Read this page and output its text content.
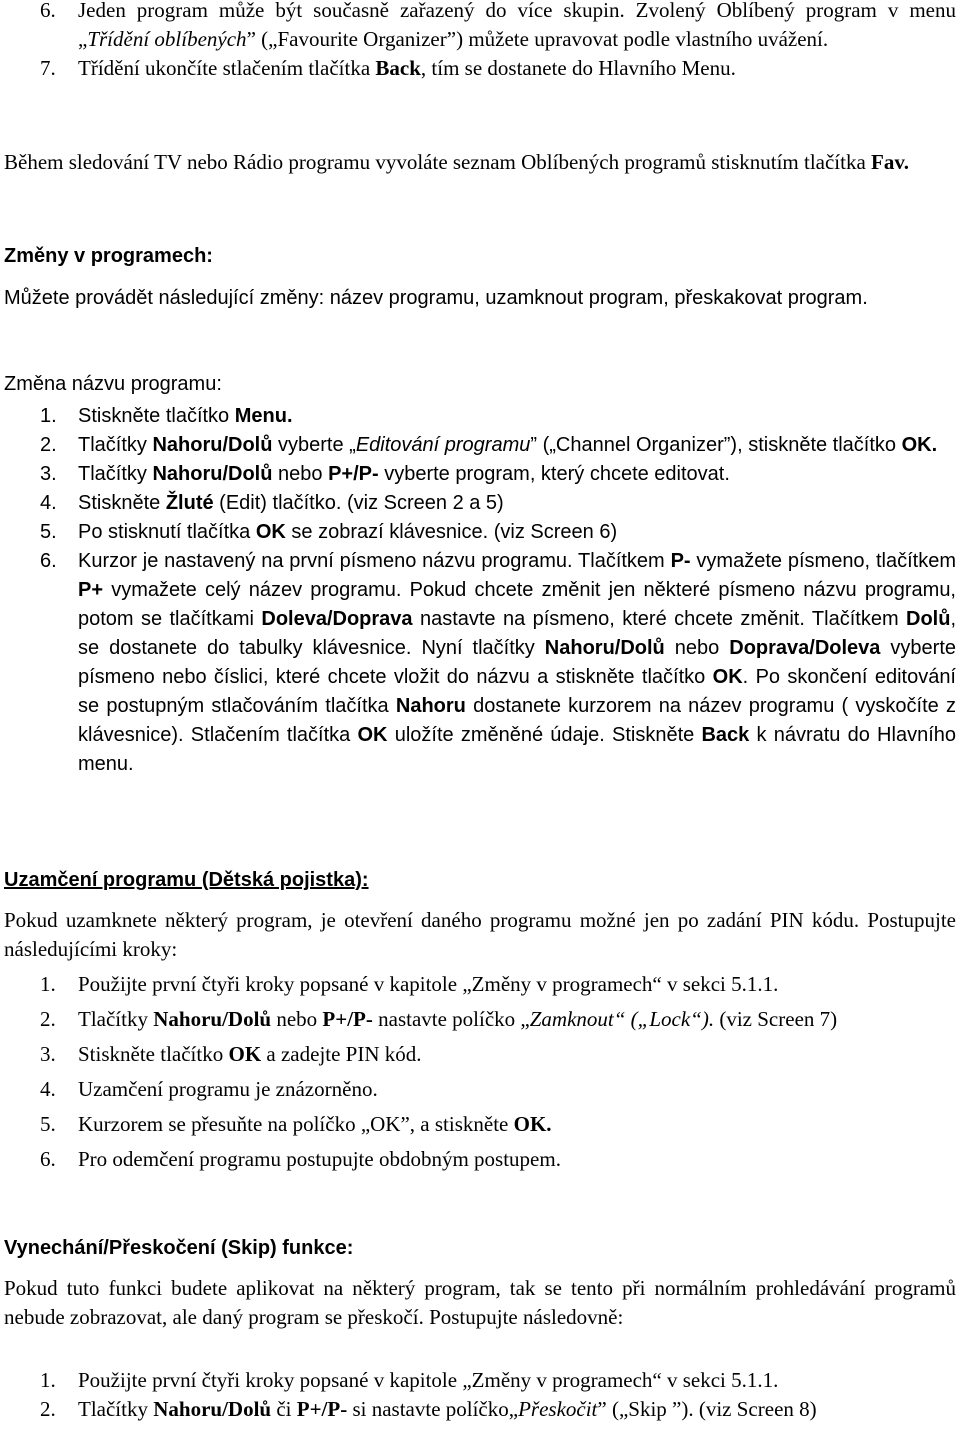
6. Jeden program může být současně zařazený do více skupin. Zvolený Oblíbený program v menu „Třídění oblíbených” („Favourite Organizer”) můžete upravovat podle vlastního uvážení.
7. Třídění ukončíte stlačením tlačítka Back, tím se dostanete do Hlavního Menu.

Během sledování TV nebo Rádio programu vyvoláte seznam Oblíbených programů stisknutím tlačítka Fav.

Změny v programech:

Můžete provádět následující změny: název programu, uzamknout program, přeskakovat program.

Změna názvu programu:
1. Stiskněte tlačítko Menu.
2. Tlačítky Nahoru/Dolů vyberte „Editování programu” („Channel Organizer”), stiskněte tlačítko OK.
3. Tlačítky Nahoru/Dolů nebo P+/P- vyberte program, který chcete editovat.
4. Stiskněte Žluté (Edit) tlačítko. (viz Screen 2 a 5)
5. Po stisknutí tlačítka OK se zobrazí klávesnice. (viz Screen 6)
6. Kurzor je nastavený na první písmeno názvu programu. Tlačítkem P- vymažete písmeno, tlačítkem P+ vymažete celý název programu. Pokud chcete změnit jen některé písmeno názvu programu, potom se tlačítkami Doleva/Doprava nastavte na písmeno, které chcete změnit. Tlačítkem Dolů, se dostanete do tabulky klávesnice. Nyní tlačítky Nahoru/Dolů nebo Doprava/Doleva vyberte písmeno nebo číslici, které chcete vložit do názvu a stiskněte tlačítko OK. Po skončení editování se postupným stlačováním tlačítka Nahoru dostanete kurzorem na název programu ( vyskočíte z klávesnice). Stlačením tlačítka OK uložíte změněné údaje. Stiskněte Back k návratu do Hlavního menu.
Uzamčení programu (Dětská pojistka):

Pokud uzamknete některý program, je otevření daného programu možné jen po zadání PIN kódu. Postupujte následujícími kroky:

1. Použijte první čtyři kroky popsané v kapitole „Změny v programech“ v sekci 5.1.1.
2. Tlačítky Nahoru/Dolů nebo P+/P- nastavte políčko „Zamknout“ („Lock“). (viz Screen 7)
3. Stiskněte tlačítko OK a zadejte PIN kód.
4. Uzamčení programu je znázorněno.
5. Kurzorem se přesuňte na políčko „OK”, a stiskněte OK.
6. Pro odemčení programu postupujte obdobným postupem.
Vynechání/Přeskočení (Skip) funkce:

Pokud tuto funkci budete aplikovat na některý program, tak se tento při normálním prohledávání programů nebude zobrazovat, ale daný program se přeskočí. Postupujte následovně:

1. Použijte první čtyři kroky popsané v kapitole „Změny v programech“ v sekci 5.1.1.
2. Tlačítky Nahoru/Dolů či P+/P- si nastavte políčko„Přeskočit” („Skip ”). (viz Screen 8)
